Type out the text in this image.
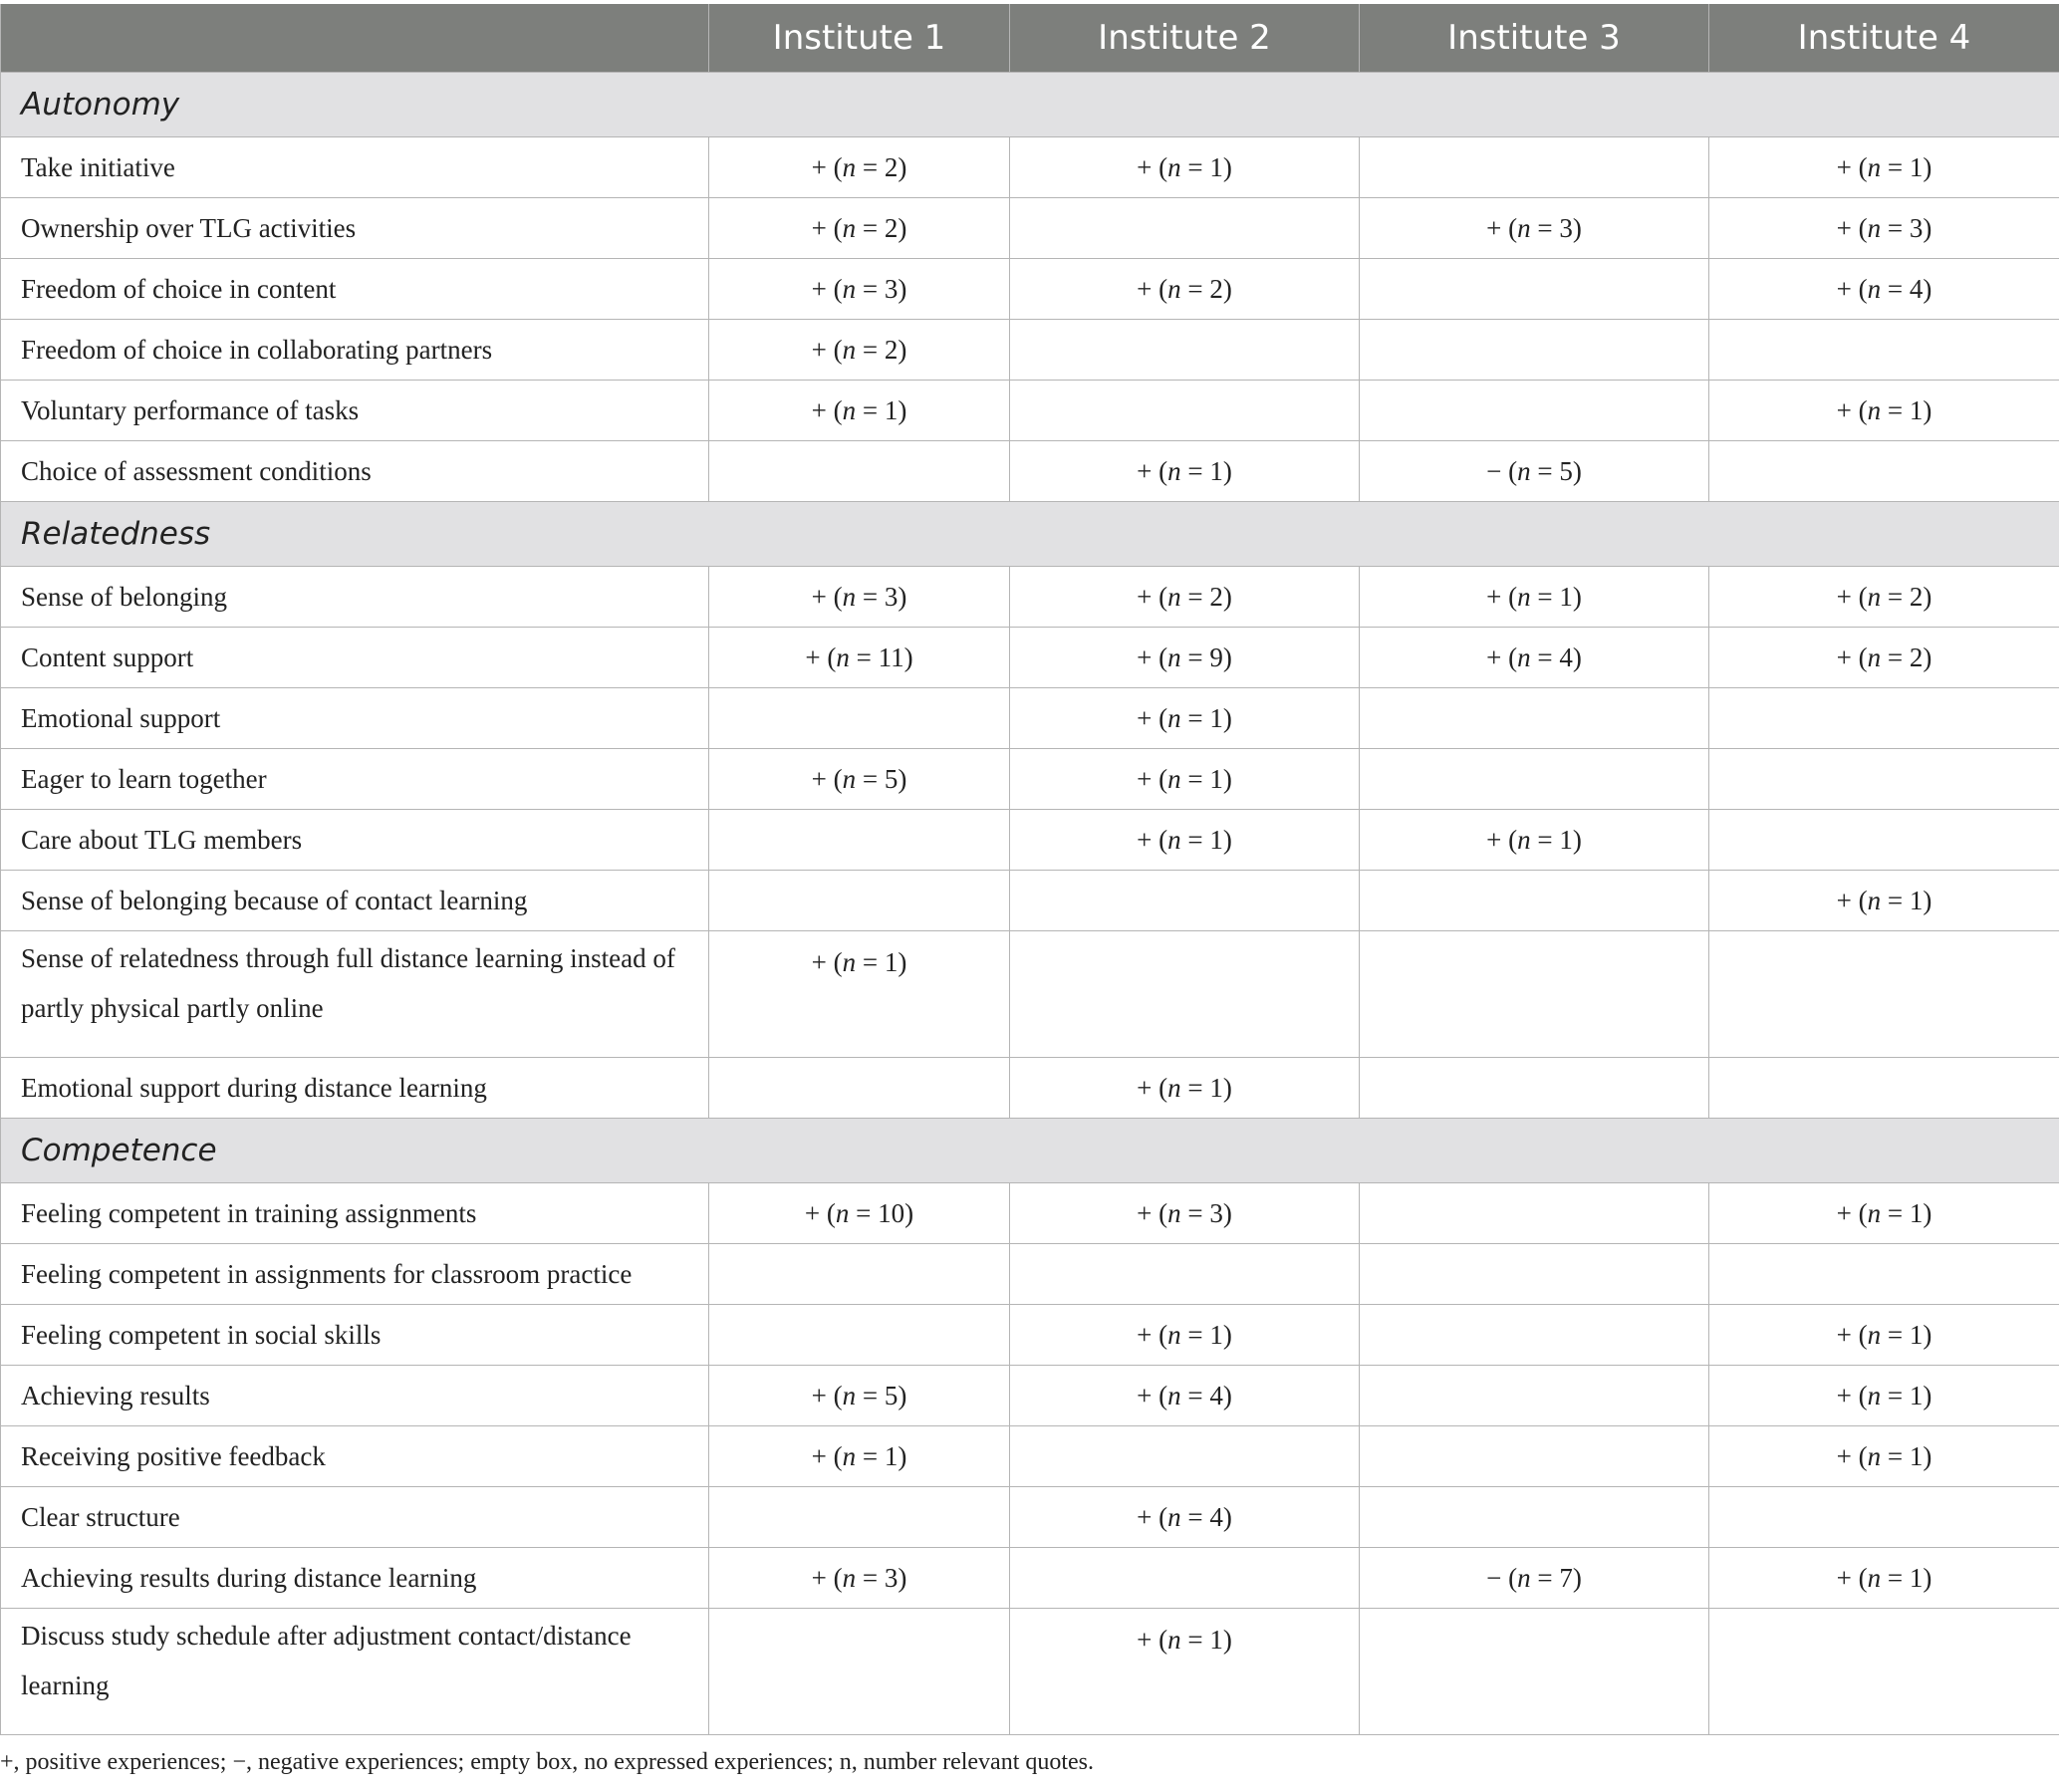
	Institute 1	Institute 2	Institute 3	Institute 4
Autonomy				
Take initiative	+ (n = 2)	+ (n = 1)		+ (n = 1)
Ownership over TLG activities	+ (n = 2)		+ (n = 3)	+ (n = 3)
Freedom of choice in content	+ (n = 3)	+ (n = 2)		+ (n = 4)
Freedom of choice in collaborating partners	+ (n = 2)			
Voluntary performance of tasks	+ (n = 1)			+ (n = 1)
Choice of assessment conditions		+ (n = 1)	− (n = 5)	
Relatedness				
Sense of belonging	+ (n = 3)	+ (n = 2)	+ (n = 1)	+ (n = 2)
Content support	+ (n = 11)	+ (n = 9)	+ (n = 4)	+ (n = 2)
Emotional support		+ (n = 1)		
Eager to learn together	+ (n = 5)	+ (n = 1)		
Care about TLG members		+ (n = 1)	+ (n = 1)	
Sense of belonging because of contact learning				+ (n = 1)
Sense of relatedness through full distance learning instead of partly physical partly online	+ (n = 1)			
Emotional support during distance learning		+ (n = 1)		
Competence				
Feeling competent in training assignments	+ (n = 10)	+ (n = 3)		+ (n = 1)
Feeling competent in assignments for classroom practice				
Feeling competent in social skills		+ (n = 1)		+ (n = 1)
Achieving results	+ (n = 5)	+ (n = 4)		+ (n = 1)
Receiving positive feedback	+ (n = 1)			+ (n = 1)
Clear structure		+ (n = 4)		
Achieving results during distance learning	+ (n = 3)		− (n = 7)	+ (n = 1)
Discuss study schedule after adjustment contact/distance learning		+ (n = 1)		
+, positive experiences; −, negative experiences; empty box, no expressed experiences; n, number relevant quotes.
